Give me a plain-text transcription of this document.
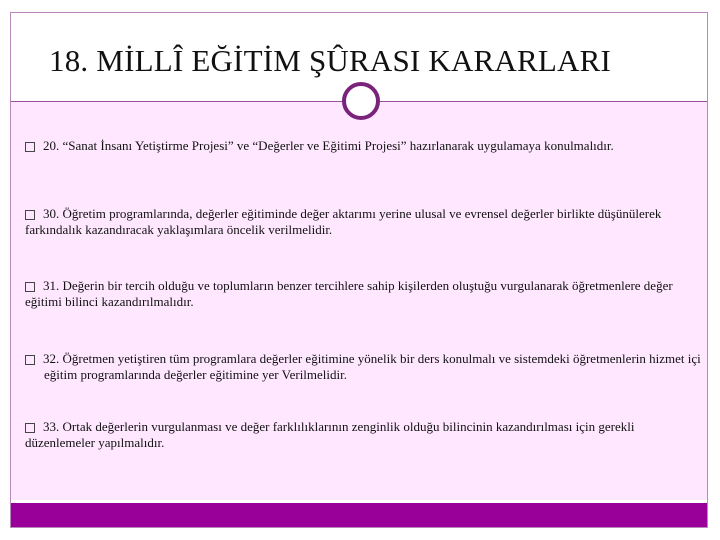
18. MİLLÎ EĞİTİM ŞÛRASI KARARLARI
20. “Sanat İnsanı Yetiştirme Projesi” ve “Değerler ve Eğitimi Projesi” hazırlanarak uygulamaya konulmalıdır.
30. Öğretim programlarında, değerler eğitiminde değer aktarımı yerine ulusal ve evrensel değerler birlikte düşünülerek farkındalık kazandıracak yaklaşımlara öncelik verilmelidir.
31. Değerin bir tercih olduğu ve toplumların benzer tercihlere sahip kişilerden oluştuğu vurgulanarak öğretmenlere değer eğitimi bilinci kazandırılmalıdır.
32. Öğretmen yetiştiren tüm programlara değerler eğitimine yönelik bir ders konulmalı ve sistemdeki öğretmenlerin hizmet içi eğitim programlarında değerler eğitimine yer Verilmelidir.
33. Ortak değerlerin vurgulanması ve değer farklılıklarının zenginlik olduğu bilincinin kazandırılması için gerekli düzenlemeler yapılmalıdır.
